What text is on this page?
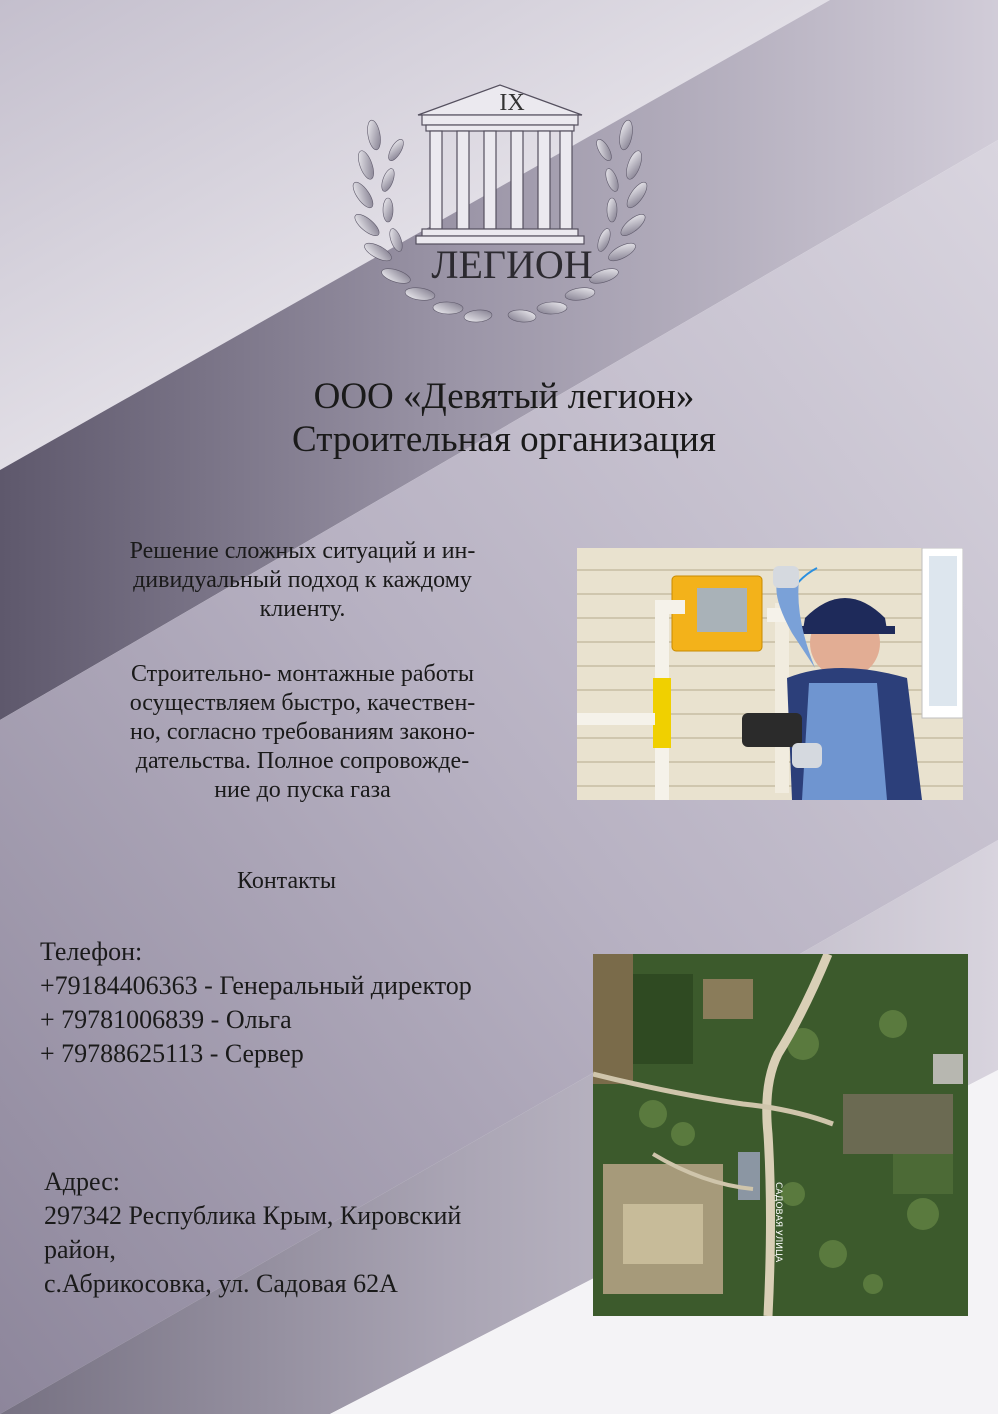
IX
ЛЕГИОН
ООО «Девятый легион»
Строительная организация
Решение сложных ситуаций и ин-
дивидуальный подход к каждому
клиенту.
Строительно- монтажные работы
осуществляем быстро, качествен-
но, согласно требованиям законо-
дательства. Полное сопровожде-
ние до пуска газа
Контакты
Телефон:
+79184406363 - Генеральный директор
+ 79781006839 - Ольга
+ 79788625113 - Сервер
Адрес:
297342 Республика Крым, Кировский
район,
с.Абрикосовка, ул. Садовая 62А
САДОВАЯ УЛИЦА
